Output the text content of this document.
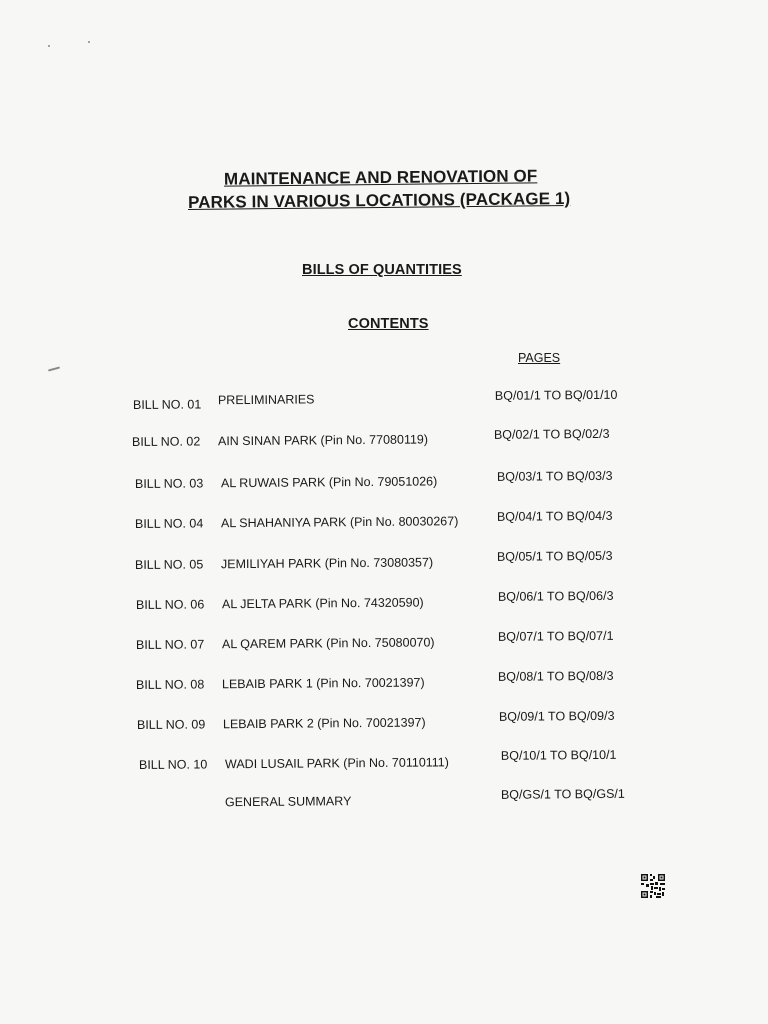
MAINTENANCE AND RENOVATION OF
PARKS IN VARIOUS LOCATIONS (PACKAGE 1)
BILLS OF QUANTITIES
CONTENTS
PAGES
BILL NO. 01 PRELIMINARIES	BQ/01/1 TO BQ/01/10
BILL NO. 02 AIN SINAN PARK (Pin No. 77080119)	BQ/02/1 TO BQ/02/3
BILL NO. 03 AL RUWAIS PARK (Pin No. 79051026)	BQ/03/1 TO BQ/03/3
BILL NO. 04 AL SHAHANIYA PARK (Pin No. 80030267)	BQ/04/1 TO BQ/04/3
BILL NO. 05 JEMILIYAH PARK (Pin No. 73080357)	BQ/05/1 TO BQ/05/3
BILL NO. 06 AL JELTA PARK (Pin No. 74320590)	BQ/06/1 TO BQ/06/3
BILL NO. 07 AL QAREM PARK (Pin No. 75080070)	BQ/07/1 TO BQ/07/1
BILL NO. 08 LEBAIB PARK 1 (Pin No. 70021397)	BQ/08/1 TO BQ/08/3
BILL NO. 09 LEBAIB PARK 2 (Pin No. 70021397)	BQ/09/1 TO BQ/09/3
BILL NO. 10 WADI LUSAIL PARK (Pin No. 70110111)	BQ/10/1 TO BQ/10/1
GENERAL SUMMARY	BQ/GS/1 TO BQ/GS/1
